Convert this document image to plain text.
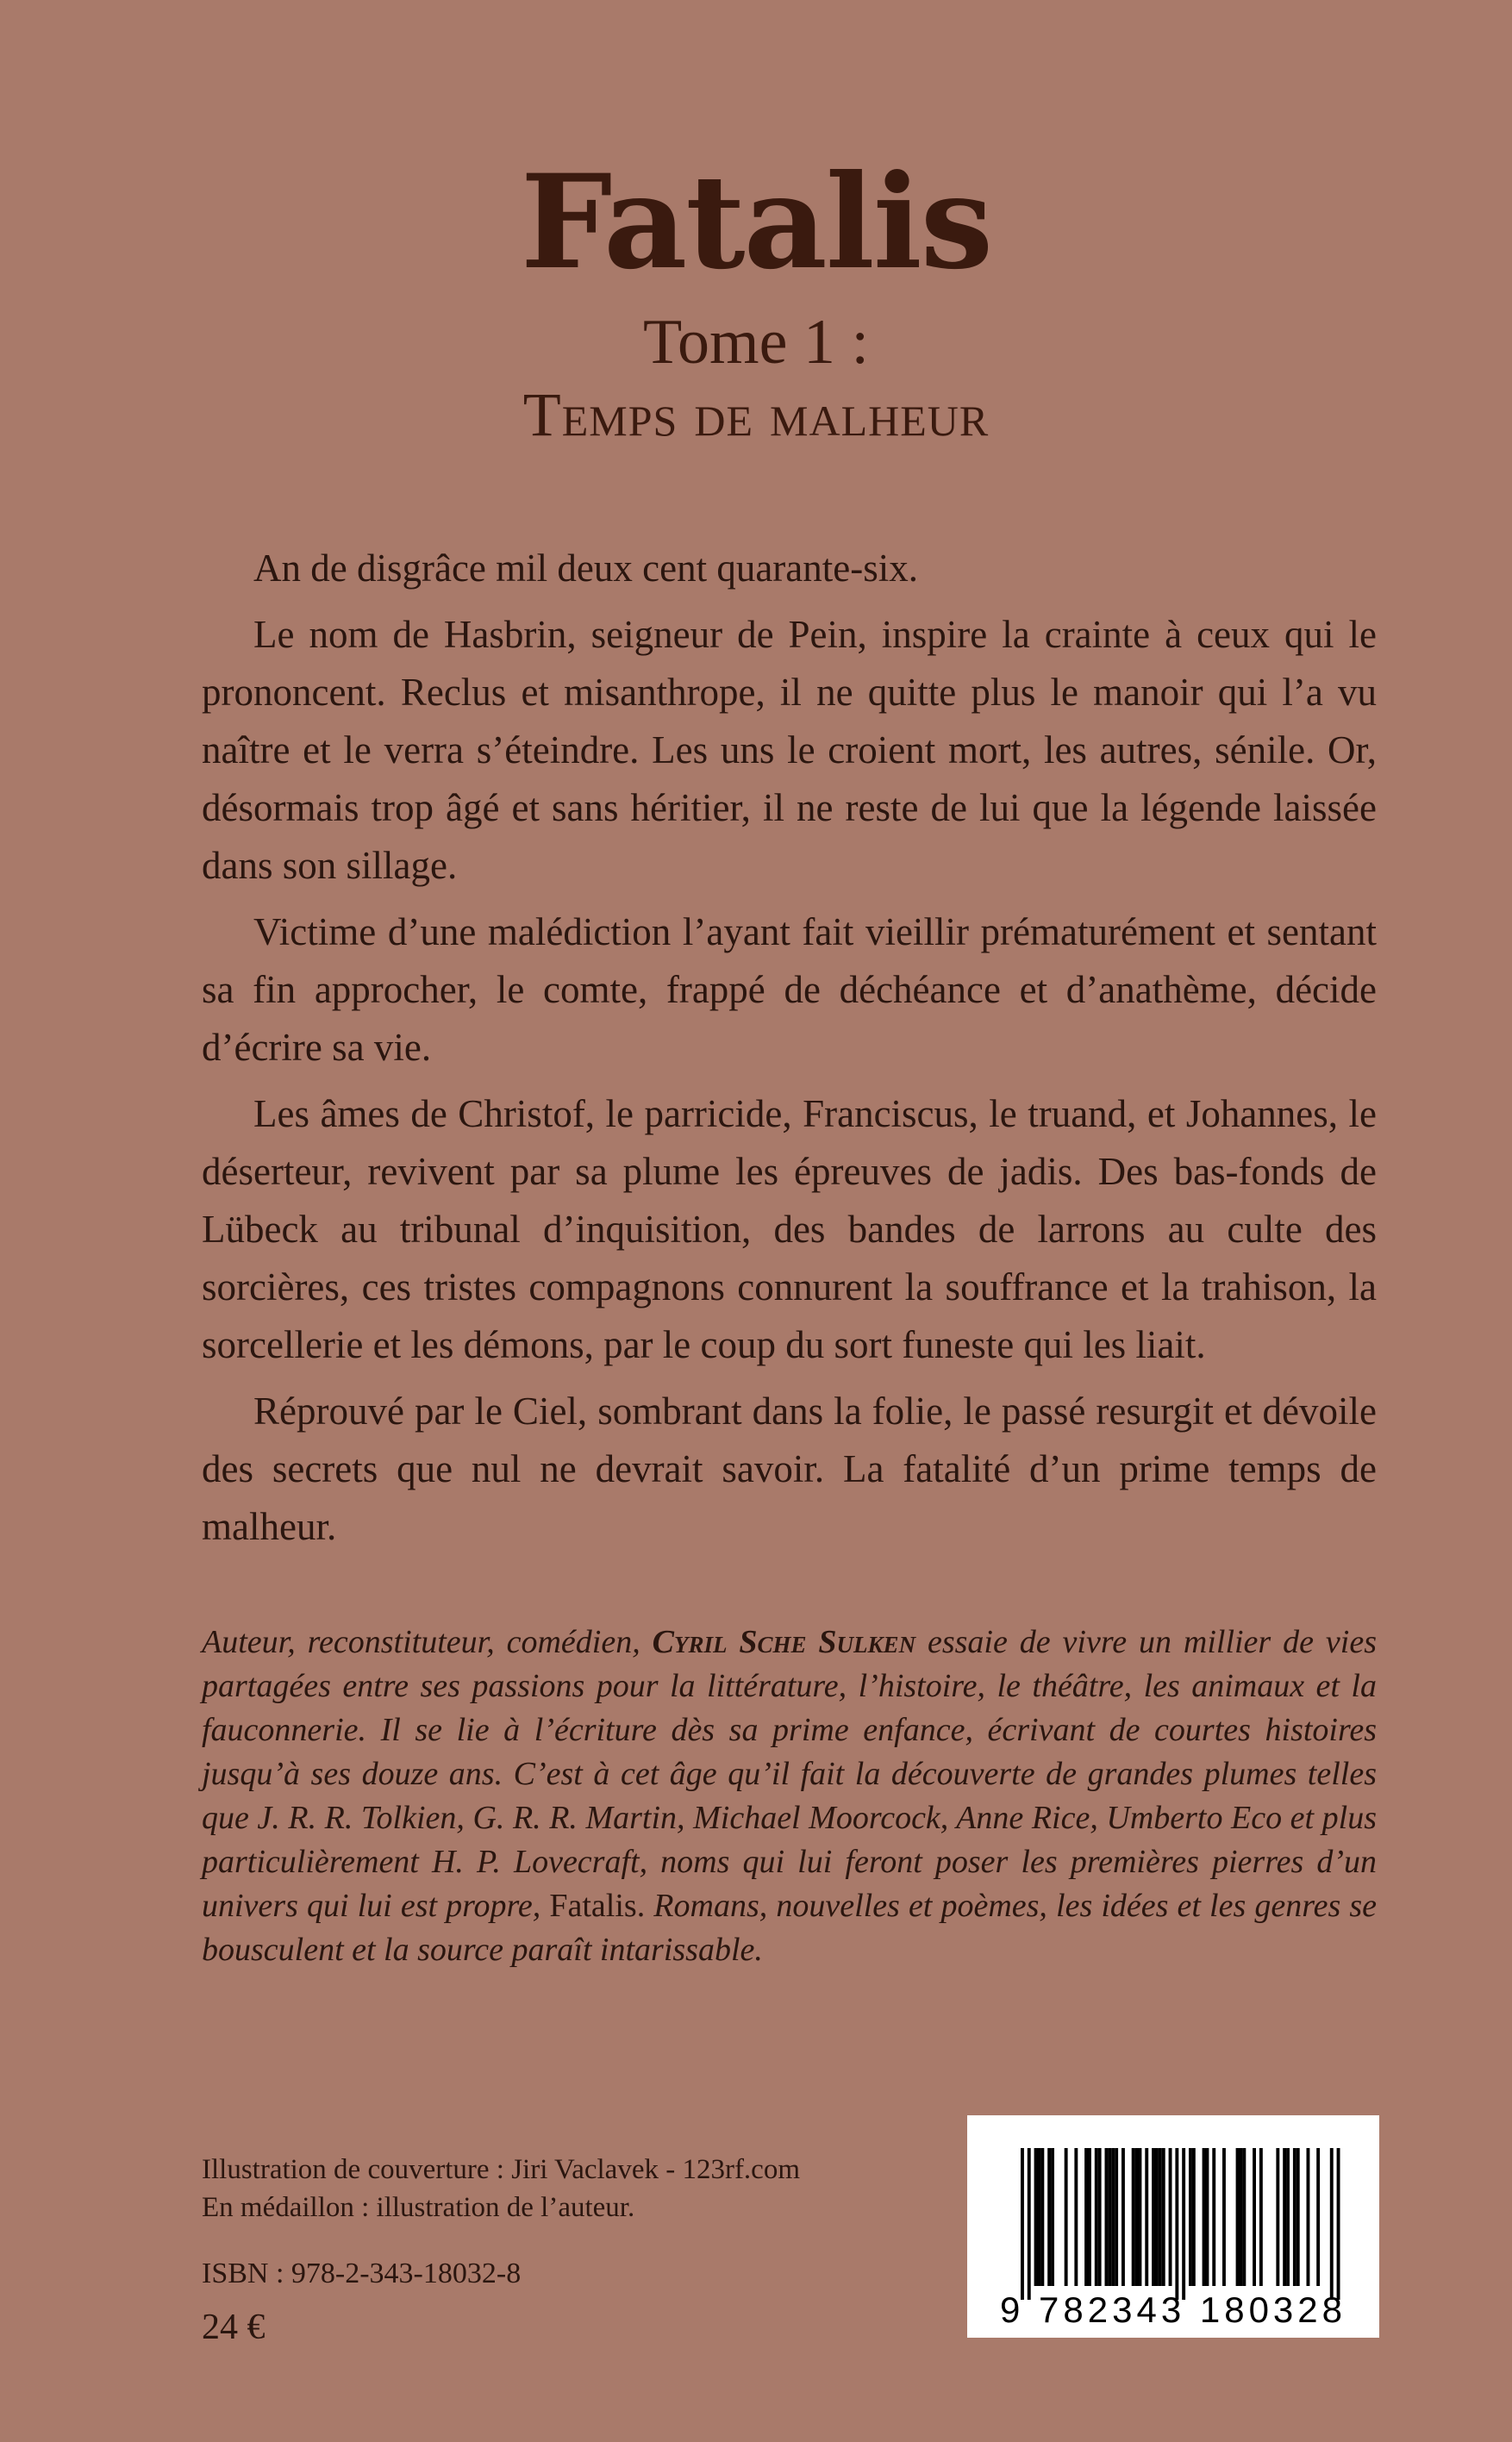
Fatalis
Tome 1 :
Temps de malheur

An de disgrâce mil deux cent quarante-six.

Le nom de Hasbrin, seigneur de Pein, inspire la crainte à ceux qui le prononcent. Reclus et misanthrope, il ne quitte plus le manoir qui l’a vu naître et le verra s’éteindre. Les uns le croient mort, les autres, sénile. Or, désormais trop âgé et sans héritier, il ne reste de lui que la légende laissée dans son sillage.

Victime d’une malédiction l’ayant fait vieillir prématurément et sentant sa fin approcher, le comte, frappé de déchéance et d’anathème, décide d’écrire sa vie.

Les âmes de Christof, le parricide, Franciscus, le truand, et Johannes, le déserteur, revivent par sa plume les épreuves de jadis. Des bas-fonds de Lübeck au tribunal d’inquisition, des bandes de larrons au culte des sorcières, ces tristes compagnons connurent la souffrance et la trahison, la sorcellerie et les démons, par le coup du sort funeste qui les liait.

Réprouvé par le Ciel, sombrant dans la folie, le passé resurgit et dévoile des secrets que nul ne devrait savoir. La fatalité d’un prime temps de malheur.

Auteur, reconstituteur, comédien, Cyril Sche Sulken essaie de vivre un millier de vies partagées entre ses passions pour la littérature, l’histoire, le théâtre, les animaux et la fauconnerie. Il se lie à l’écriture dès sa prime enfance, écrivant de courtes histoires jusqu’à ses douze ans. C’est à cet âge qu’il fait la découverte de grandes plumes telles que J. R. R. Tolkien, G. R. R. Martin, Michael Moorcock, Anne Rice, Umberto Eco et plus particulièrement H. P. Lovecraft, noms qui lui feront poser les premières pierres d’un univers qui lui est propre, Fatalis. Romans, nouvelles et poèmes, les idées et les genres se bousculent et la source paraît intarissable.
Illustration de couverture : Jiri Vaclavek - 123rf.com
En médaillon : illustration de l’auteur.
ISBN : 978-2-343-18032-8
24 €	9 782343 180328
